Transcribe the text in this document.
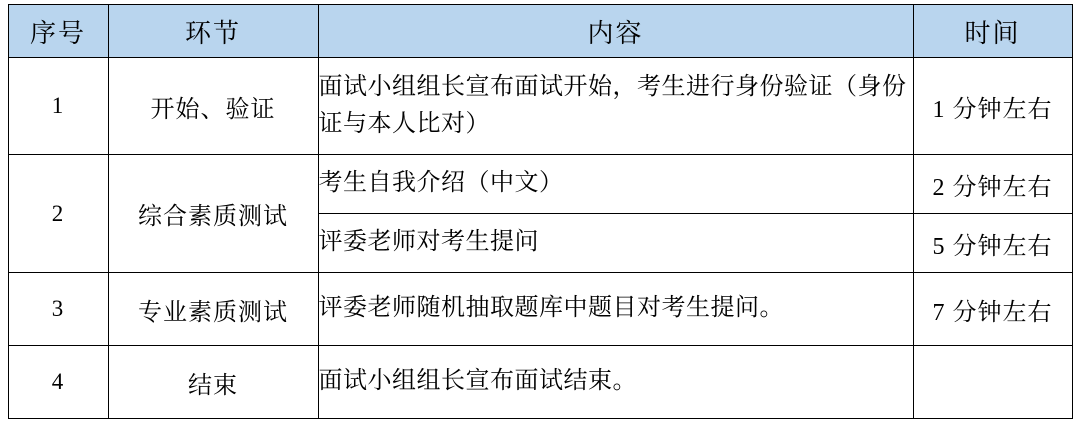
序号	环节	内容	时间
1	开始、验证	面试小组组长宣布面试开始，考生进行身份验证（身份证与本人比对）	1 分钟左右
2	综合素质测试	考生自我介绍（中文）	2 分钟左右
		评委老师对考生提问	5 分钟左右
3	专业素质测试	评委老师随机抽取题库中题目对考生提问。	7 分钟左右
4	结束	面试小组组长宣布面试结束。	
